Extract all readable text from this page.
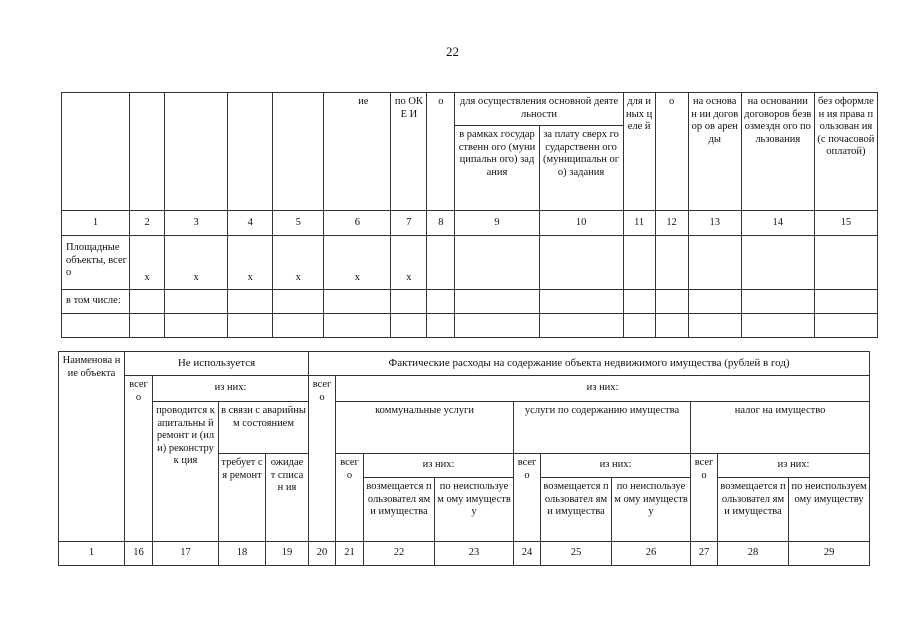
22
					ие	по ОКЕ И	о	для осуществления основной деятельности		для иных целе й	о	на основан ии договор ов аренды	на основании договоров безвозмездн ого пользования	без оформлен ия права пользован ия (с почасовой оплатой)
								в рамках государственн ого (муниципальн ого) задания	за плату сверх государственн ого (муниципальн ого) задания					
1	2	3	4	5	6	7	8	9	10	11	12	13	14	15
Площадные объекты, всего	х	х	х	х	х	х								
в том числе:														

Наименова ние объекта	Не используется				Фактические расходы на содержание объекта недвижимого имущества (рублей в год)									
	всег о	из них:			всег о	из них:								
		проводится капитальны й ремонт и (или) реконструк ция	в связи с аварийным состоянием			коммунальные услуги			услуги по содержанию имущества			налог на имущество		
			требует ся ремонт	ожидае т списан ия		всег о	из них:		всег о	из них:		всег о	из них:	
							возмещается пользовател ями имущества	по неиспользуем ому имуществу		возмещается пользовател ями имущества	по неиспользуем ому имуществу		возмещается пользовател ями имущества	по неиспользуем ому имуществу
1	16	17	18	19	20	21	22	23	24	25	26	27	28	29
